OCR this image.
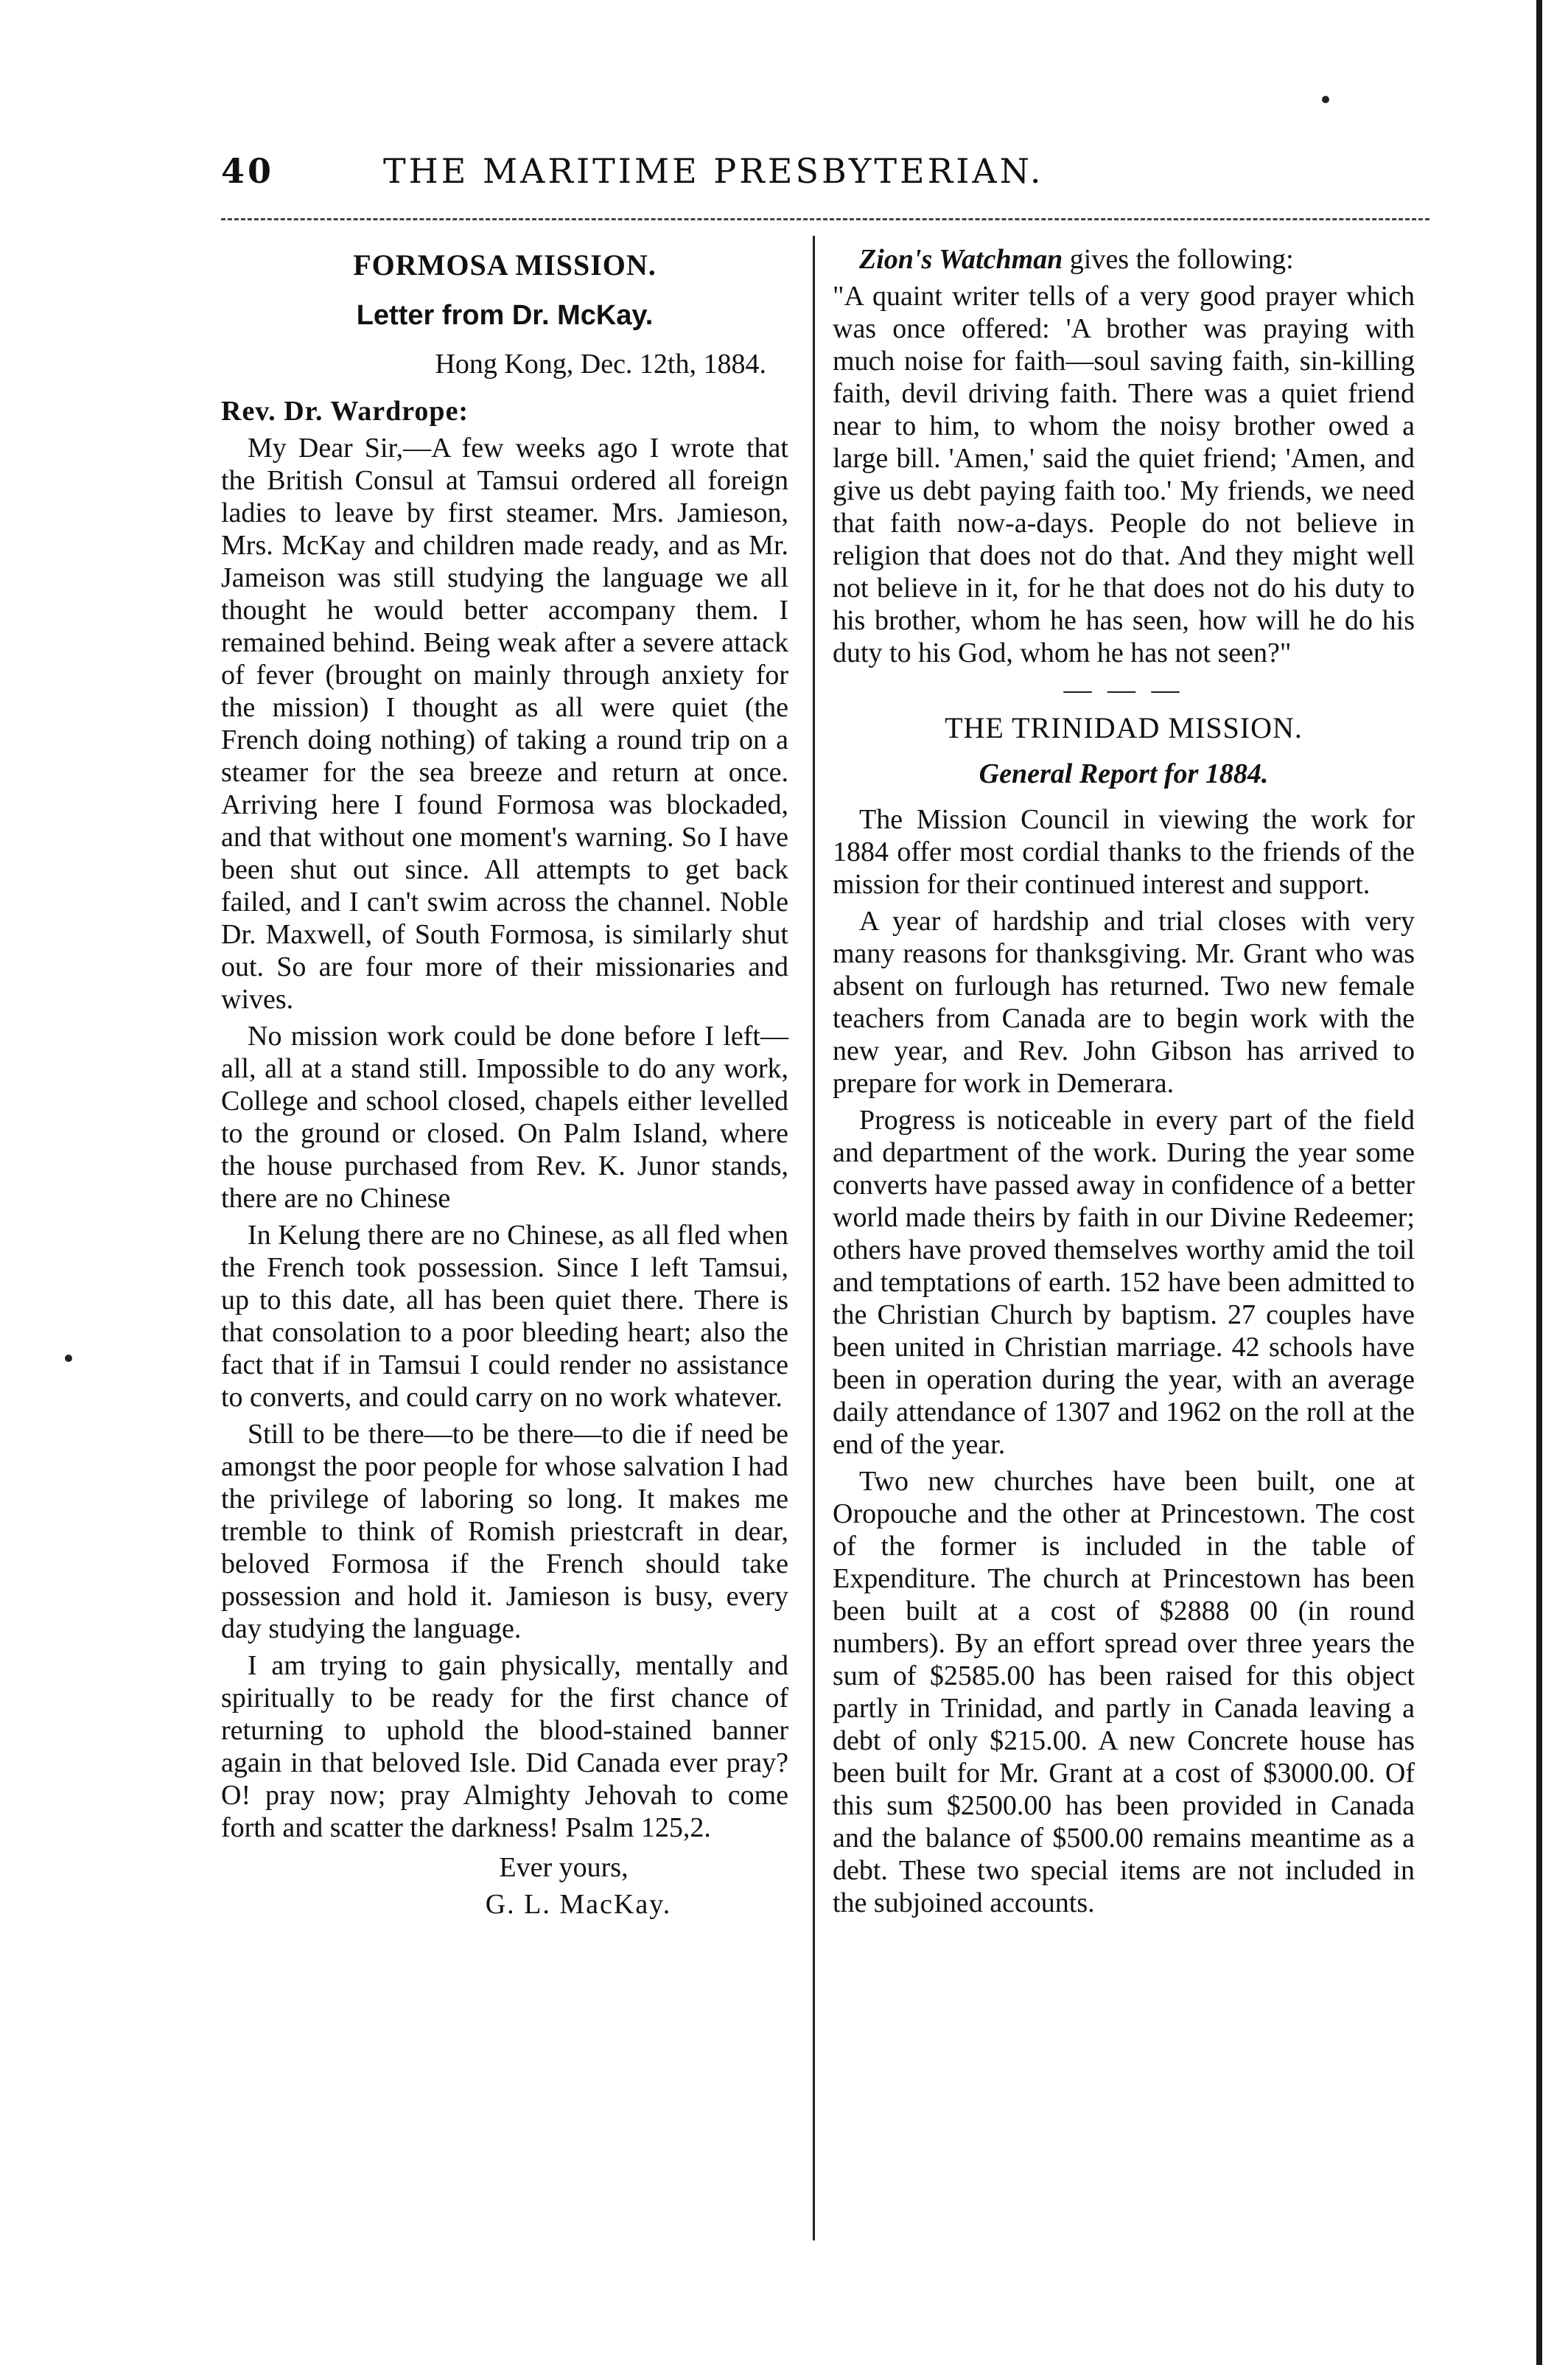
40	THE MARITIME PRESBYTERIAN.
FORMOSA MISSION.
Letter from Dr. McKay.
Hong Kong, Dec. 12th, 1884.
Rev. Dr. Wardrope:

My Dear Sir,—A few weeks ago I wrote that the British Consul at Tamsui ordered all foreign ladies to leave by first steamer. Mrs. Jamieson, Mrs. McKay and children made ready, and as Mr. Jameison was still studying the language we all thought he would better accompany them. I remained behind. Being weak after a severe attack of fever (brought on mainly through anxiety for the mission) I thought as all were quiet (the French doing nothing) of taking a round trip on a steamer for the sea breeze and return at once. Arriving here I found Formosa was blockaded, and that without one moment's warning. So I have been shut out since. All attempts to get back failed, and I can't swim across the channel. Noble Dr. Maxwell, of South Formosa, is similarly shut out. So are four more of their missionaries and wives.

No mission work could be done before I left—all, all at a stand still. Impossible to do any work, College and school closed, chapels either levelled to the ground or closed. On Palm Island, where the house purchased from Rev. K. Junor stands, there are no Chinese

In Kelung there are no Chinese, as all fled when the French took possession. Since I left Tamsui, up to this date, all has been quiet there. There is that consolation to a poor bleeding heart; also the fact that if in Tamsui I could render no assistance to converts, and could carry on no work whatever.

Still to be there—to be there—to die if need be amongst the poor people for whose salvation I had the privilege of laboring so long. It makes me tremble to think of Romish priestcraft in dear, beloved Formosa if the French should take possession and hold it. Jamieson is busy, every day studying the language.

I am trying to gain physically, mentally and spiritually to be ready for the first chance of returning to uphold the blood-stained banner again in that beloved Isle. Did Canada ever pray? O! pray now; pray Almighty Jehovah to come forth and scatter the darkness! Psalm 125,2.

Ever yours,
G. L. MacKay.

Zion's Watchman gives the following:

"A quaint writer tells of a very good prayer which was once offered: 'A brother was praying with much noise for faith—soul saving faith, sin-killing faith, devil driving faith. There was a quiet friend near to him, to whom the noisy brother owed a large bill. 'Amen,' said the quiet friend; 'Amen, and give us debt paying faith too.' My friends, we need that faith now-a-days. People do not believe in religion that does not do that. And they might well not believe in it, for he that does not do his duty to his brother, whom he has seen, how will he do his duty to his God, whom he has not seen?"

— — —
THE TRINIDAD MISSION.
General Report for 1884.

The Mission Council in viewing the work for 1884 offer most cordial thanks to the friends of the mission for their continued interest and support.

A year of hardship and trial closes with very many reasons for thanksgiving. Mr. Grant who was absent on furlough has returned. Two new female teachers from Canada are to begin work with the new year, and Rev. John Gibson has arrived to prepare for work in Demerara.

Progress is noticeable in every part of the field and department of the work. During the year some converts have passed away in confidence of a better world made theirs by faith in our Divine Redeemer; others have proved themselves worthy amid the toil and temptations of earth. 152 have been admitted to the Christian Church by baptism. 27 couples have been united in Christian marriage. 42 schools have been in operation during the year, with an average daily attendance of 1307 and 1962 on the roll at the end of the year.

Two new churches have been built, one at Oropouche and the other at Princestown. The cost of the former is included in the table of Expenditure. The church at Princestown has been been built at a cost of $2888 00 (in round numbers). By an effort spread over three years the sum of $2585.00 has been raised for this object partly in Trinidad, and partly in Canada leaving a debt of only $215.00. A new Concrete house has been built for Mr. Grant at a cost of $3000.00. Of this sum $2500.00 has been provided in Canada and the balance of $500.00 remains meantime as a debt. These two special items are not included in the subjoined accounts.
